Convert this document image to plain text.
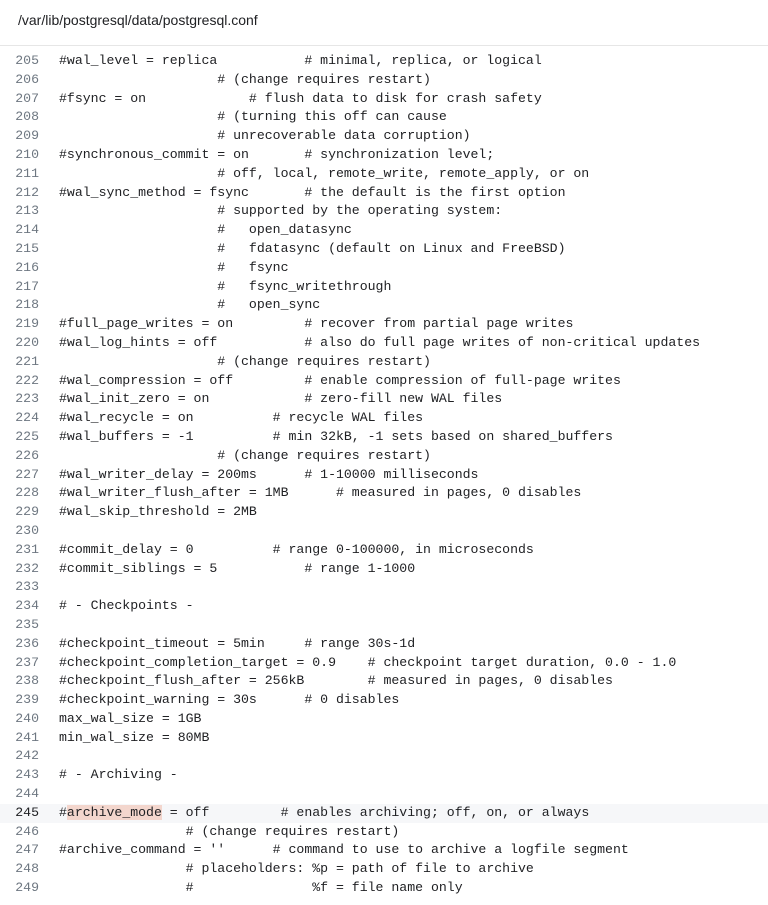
/var/lib/postgresql/data/postgresql.conf
205 #wal_level = replica           # minimal, replica, or logical
206 # (change requires restart)
207 #fsync = on             # flush data to disk for crash safety
208 # (turning this off can cause
209 # unrecoverable data corruption)
210 #synchronous_commit = on       # synchronization level;
211 # off, local, remote_write, remote_apply, or on
212 #wal_sync_method = fsync       # the default is the first option
213 # supported by the operating system:
214 #   open_datasync
215 #   fdatasync (default on Linux and FreeBSD)
216 #   fsync
217 #   fsync_writethrough
218 #   open_sync
219 #full_page_writes = on         # recover from partial page writes
220 #wal_log_hints = off           # also do full page writes of non-critical updates
221 # (change requires restart)
222 #wal_compression = off         # enable compression of full-page writes
223 #wal_init_zero = on            # zero-fill new WAL files
224 #wal_recycle = on          # recycle WAL files
225 #wal_buffers = -1          # min 32kB, -1 sets based on shared_buffers
226 # (change requires restart)
227 #wal_writer_delay = 200ms      # 1-10000 milliseconds
228 #wal_writer_flush_after = 1MB      # measured in pages, 0 disables
229 #wal_skip_threshold = 2MB
230
231 #commit_delay = 0          # range 0-100000, in microseconds
232 #commit_siblings = 5           # range 1-1000
233
234 # - Checkpoints -
235
236 #checkpoint_timeout = 5min     # range 30s-1d
237 #checkpoint_completion_target = 0.9    # checkpoint target duration, 0.0 - 1.0
238 #checkpoint_flush_after = 256kB        # measured in pages, 0 disables
239 #checkpoint_warning = 30s      # 0 disables
240 max_wal_size = 1GB
241 min_wal_size = 80MB
242
243 # - Archiving -
244
245 #archive_mode = off         # enables archiving; off, on, or always
246 # (change requires restart)
247 #archive_command = ''      # command to use to archive a logfile segment
248 # placeholders: %p = path of file to archive
249 #               %f = file name only
